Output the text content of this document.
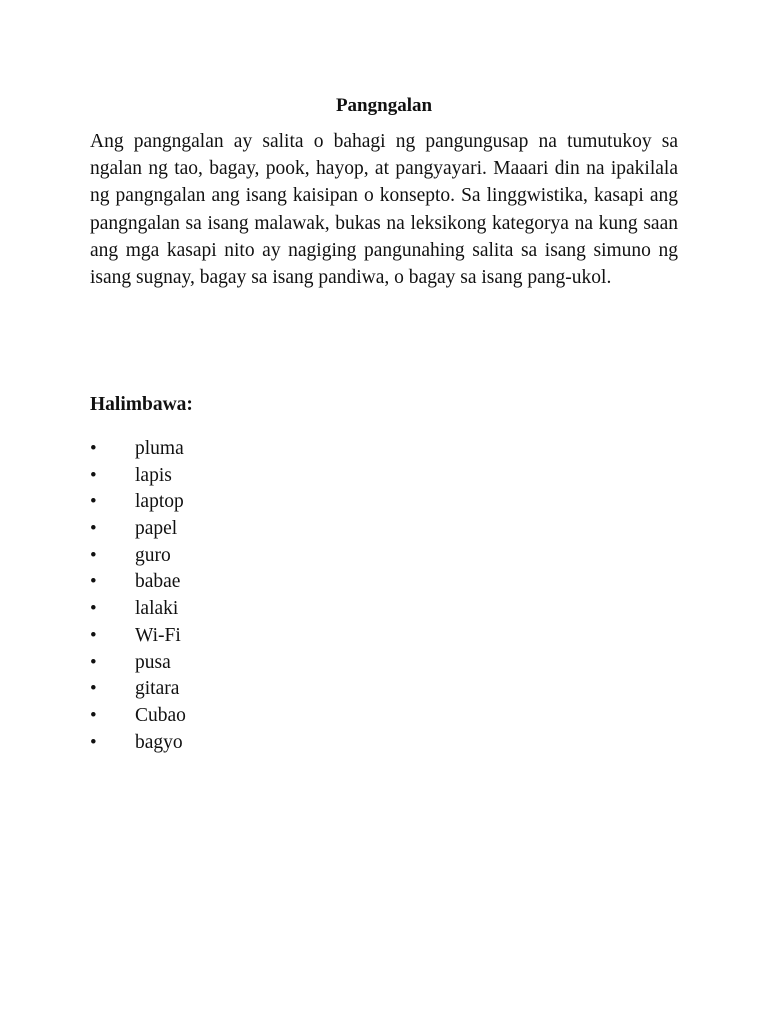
Pangngalan

Ang pangngalan ay salita o bahagi ng pangungusap na tumutukoy sa ngalan ng tao, bagay, pook, hayop, at pangyayari. Maaari din na ipakilala ng pangngalan ang isang kaisipan o konsepto. Sa linggwistika, kasapi ang pangngalan sa isang malawak, bukas na leksikong kategorya na kung saan ang mga kasapi nito ay nagiging pangunahing salita sa isang simuno ng isang sugnay, bagay sa isang pandiwa, o bagay sa isang pang-ukol.

Halimbawa:
• pluma
• lapis
• laptop
• papel
• guro
• babae
• lalaki
• Wi-Fi
• pusa
• gitara
• Cubao
• bagyo
